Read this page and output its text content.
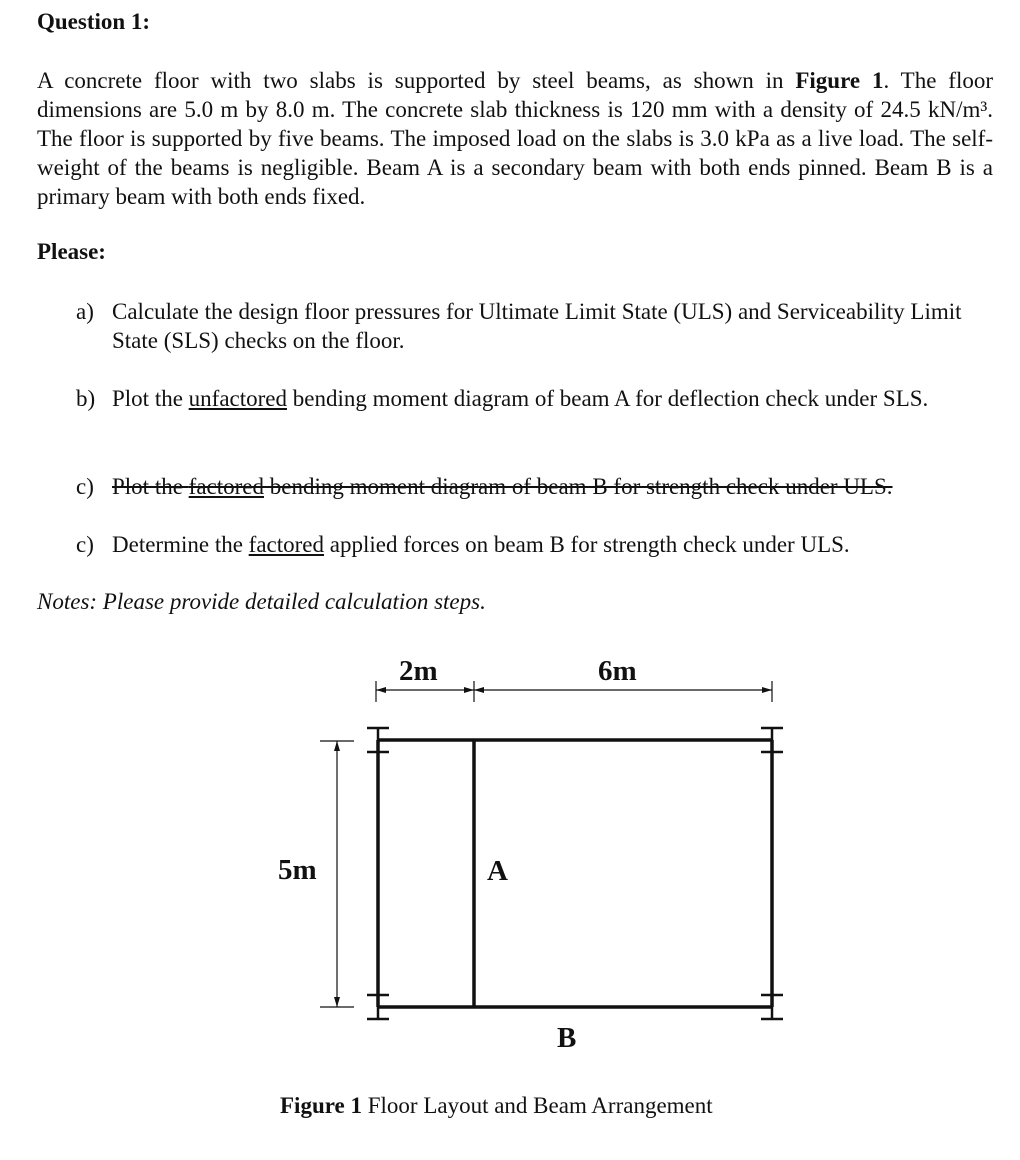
Question 1:
A concrete floor with two slabs is supported by steel beams, as shown in Figure 1. The floor dimensions are 5.0 m by 8.0 m. The concrete slab thickness is 120 mm with a density of 24.5 kN/m³. The floor is supported by five beams. The imposed load on the slabs is 3.0 kPa as a live load. The self-weight of the beams is negligible. Beam A is a secondary beam with both ends pinned. Beam B is a primary beam with both ends fixed.
Please:
a) Calculate the design floor pressures for Ultimate Limit State (ULS) and Serviceability Limit State (SLS) checks on the floor.
b) Plot the unfactored bending moment diagram of beam A for deflection check under SLS.
c) Plot the factored bending moment diagram of beam B for strength check under ULS.
c) Determine the factored applied forces on beam B for strength check under ULS.
Notes: Please provide detailed calculation steps.
2m	6m
5m	A
B
Figure 1 Floor Layout and Beam Arrangement
